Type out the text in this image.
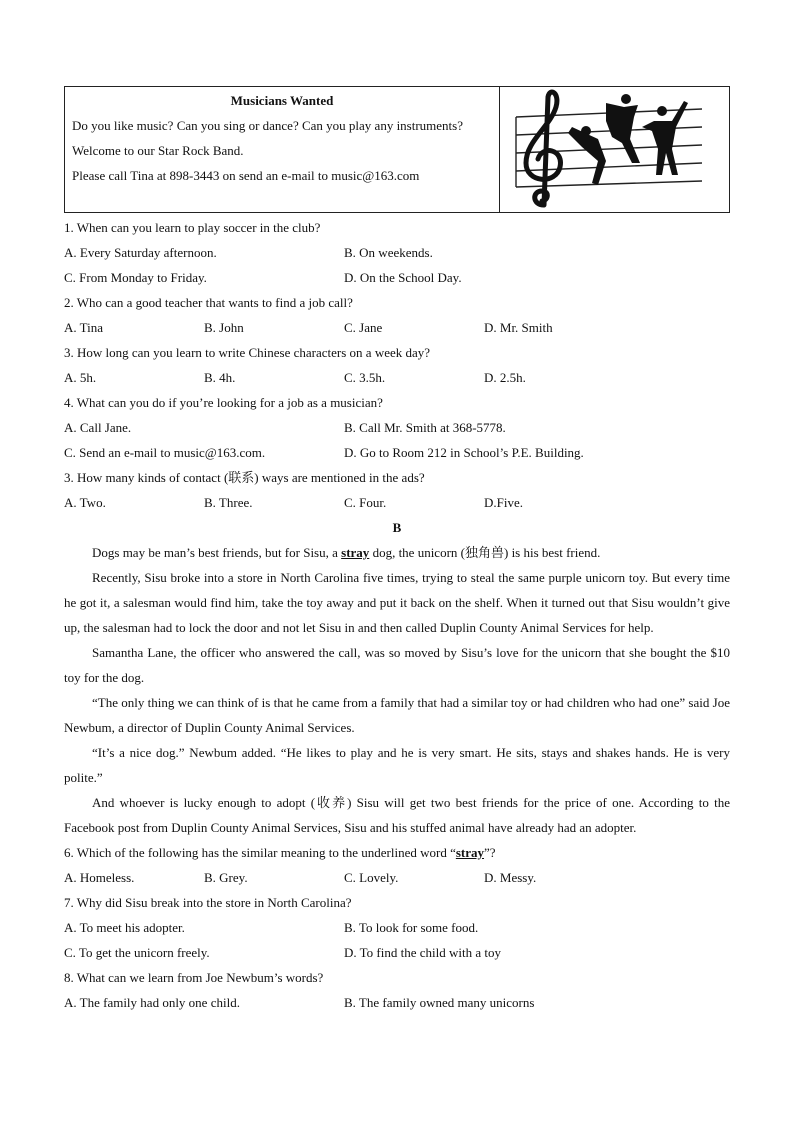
Musicians Wanted
Do you like music? Can you sing or dance? Can you play any instruments?
Welcome to our Star Rock Band.
Please call Tina at 898-3443 on send an e-mail to music@163.com
1. When can you learn to play soccer in the club?
A. Every Saturday afternoon.	B. On weekends.
C. From Monday to Friday.	D. On the School Day.
2. Who can a good teacher that wants to find a job call?
A. Tina	B. John	C. Jane	D. Mr. Smith
3. How long can you learn to write Chinese characters on a week day?
A. 5h.	B. 4h.	C. 3.5h.	D. 2.5h.
4. What can you do if you’re looking for a job as a musician?
A. Call Jane.	B. Call Mr. Smith at 368-5778.
C. Send an e-mail to music@163.com.	D. Go to Room 212 in School’s P.E. Building.
3. How many kinds of contact (联系) ways are mentioned in the ads?
A. Two.	B. Three.	C. Four.	D.Five.
B

Dogs may be man’s best friends, but for Sisu, a stray dog, the unicorn (独角兽) is his best friend.

Recently, Sisu broke into a store in North Carolina five times, trying to steal the same purple unicorn toy. But every time he got it, a salesman would find him, take the toy away and put it back on the shelf. When it turned out that Sisu wouldn’t give up, the salesman had to lock the door and not let Sisu in and then called Duplin County Animal Services for help.

Samantha Lane, the officer who answered the call, was so moved by Sisu’s love for the unicorn that she bought the $10 toy for the dog.

“The only thing we can think of is that he came from a family that had a similar toy or had children who had one” said Joe Newbum, a director of Duplin County Animal Services.

“It’s a nice dog.” Newbum added. “He likes to play and he is very smart. He sits, stays and shakes hands. He is very polite.”

And whoever is lucky enough to adopt (收养) Sisu will get two best friends for the price of one. According to the Facebook post from Duplin County Animal Services, Sisu and his stuffed animal have already had an adopter.

6. Which of the following has the similar meaning to the underlined word “stray”?
A. Homeless.	B. Grey.	C. Lovely.	D. Messy.
7. Why did Sisu break into the store in North Carolina?
A. To meet his adopter.	B. To look for some food.
C. To get the unicorn freely.	D. To find the child with a toy
8. What can we learn from Joe Newbum’s words?
A. The family had only one child.	B. The family owned many unicorns
